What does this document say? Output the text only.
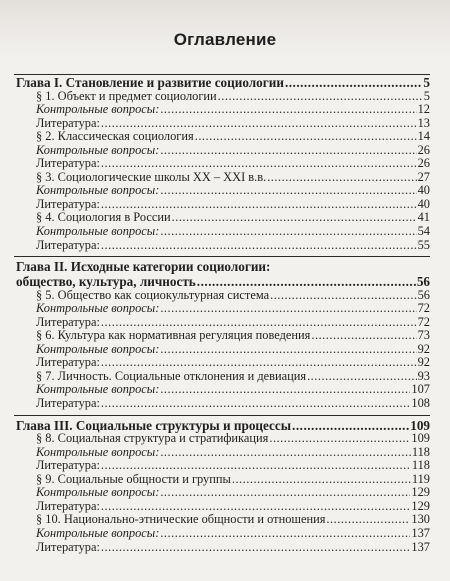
Оглавление
Глава I. Становление и развитие социологии .....	5
§ 1. Объект и предмет социологии .....	5
Контрольные вопросы: .....	12
Литература: .....	13
§ 2. Классическая социология .....	14
Контрольные вопросы: .....	26
Литература: .....	26
§ 3. Социологические школы XX – XXI в.в. .....	27
Контрольные вопросы: .....	40
Литература: .....	40
§ 4. Социология в России .....	41
Контрольные вопросы: .....	54
Литература: .....	55
Глава II. Исходные категории социологии:
общество, культура, личность .....	56
§ 5. Общество как социокультурная система .....	56
Контрольные вопросы: .....	72
Литература: .....	72
§ 6. Культура как нормативная регуляция поведения .....	73
Контрольные вопросы: .....	92
Литература: .....	92
§ 7. Личность. Социальные отклонения и девиация .....	93
Контрольные вопросы: .....	107
Литература: .....	108
Глава III. Социальные структуры и процессы .....	109
§ 8. Социальная структура и стратификация .....	109
Контрольные вопросы: .....	118
Литература: .....	118
§ 9. Социальные общности и группы .....	119
Контрольные вопросы: .....	129
Литература: .....	129
§ 10. Национально-этнические общности и отношения .....	130
Контрольные вопросы: .....	137
Литература: .....	137
